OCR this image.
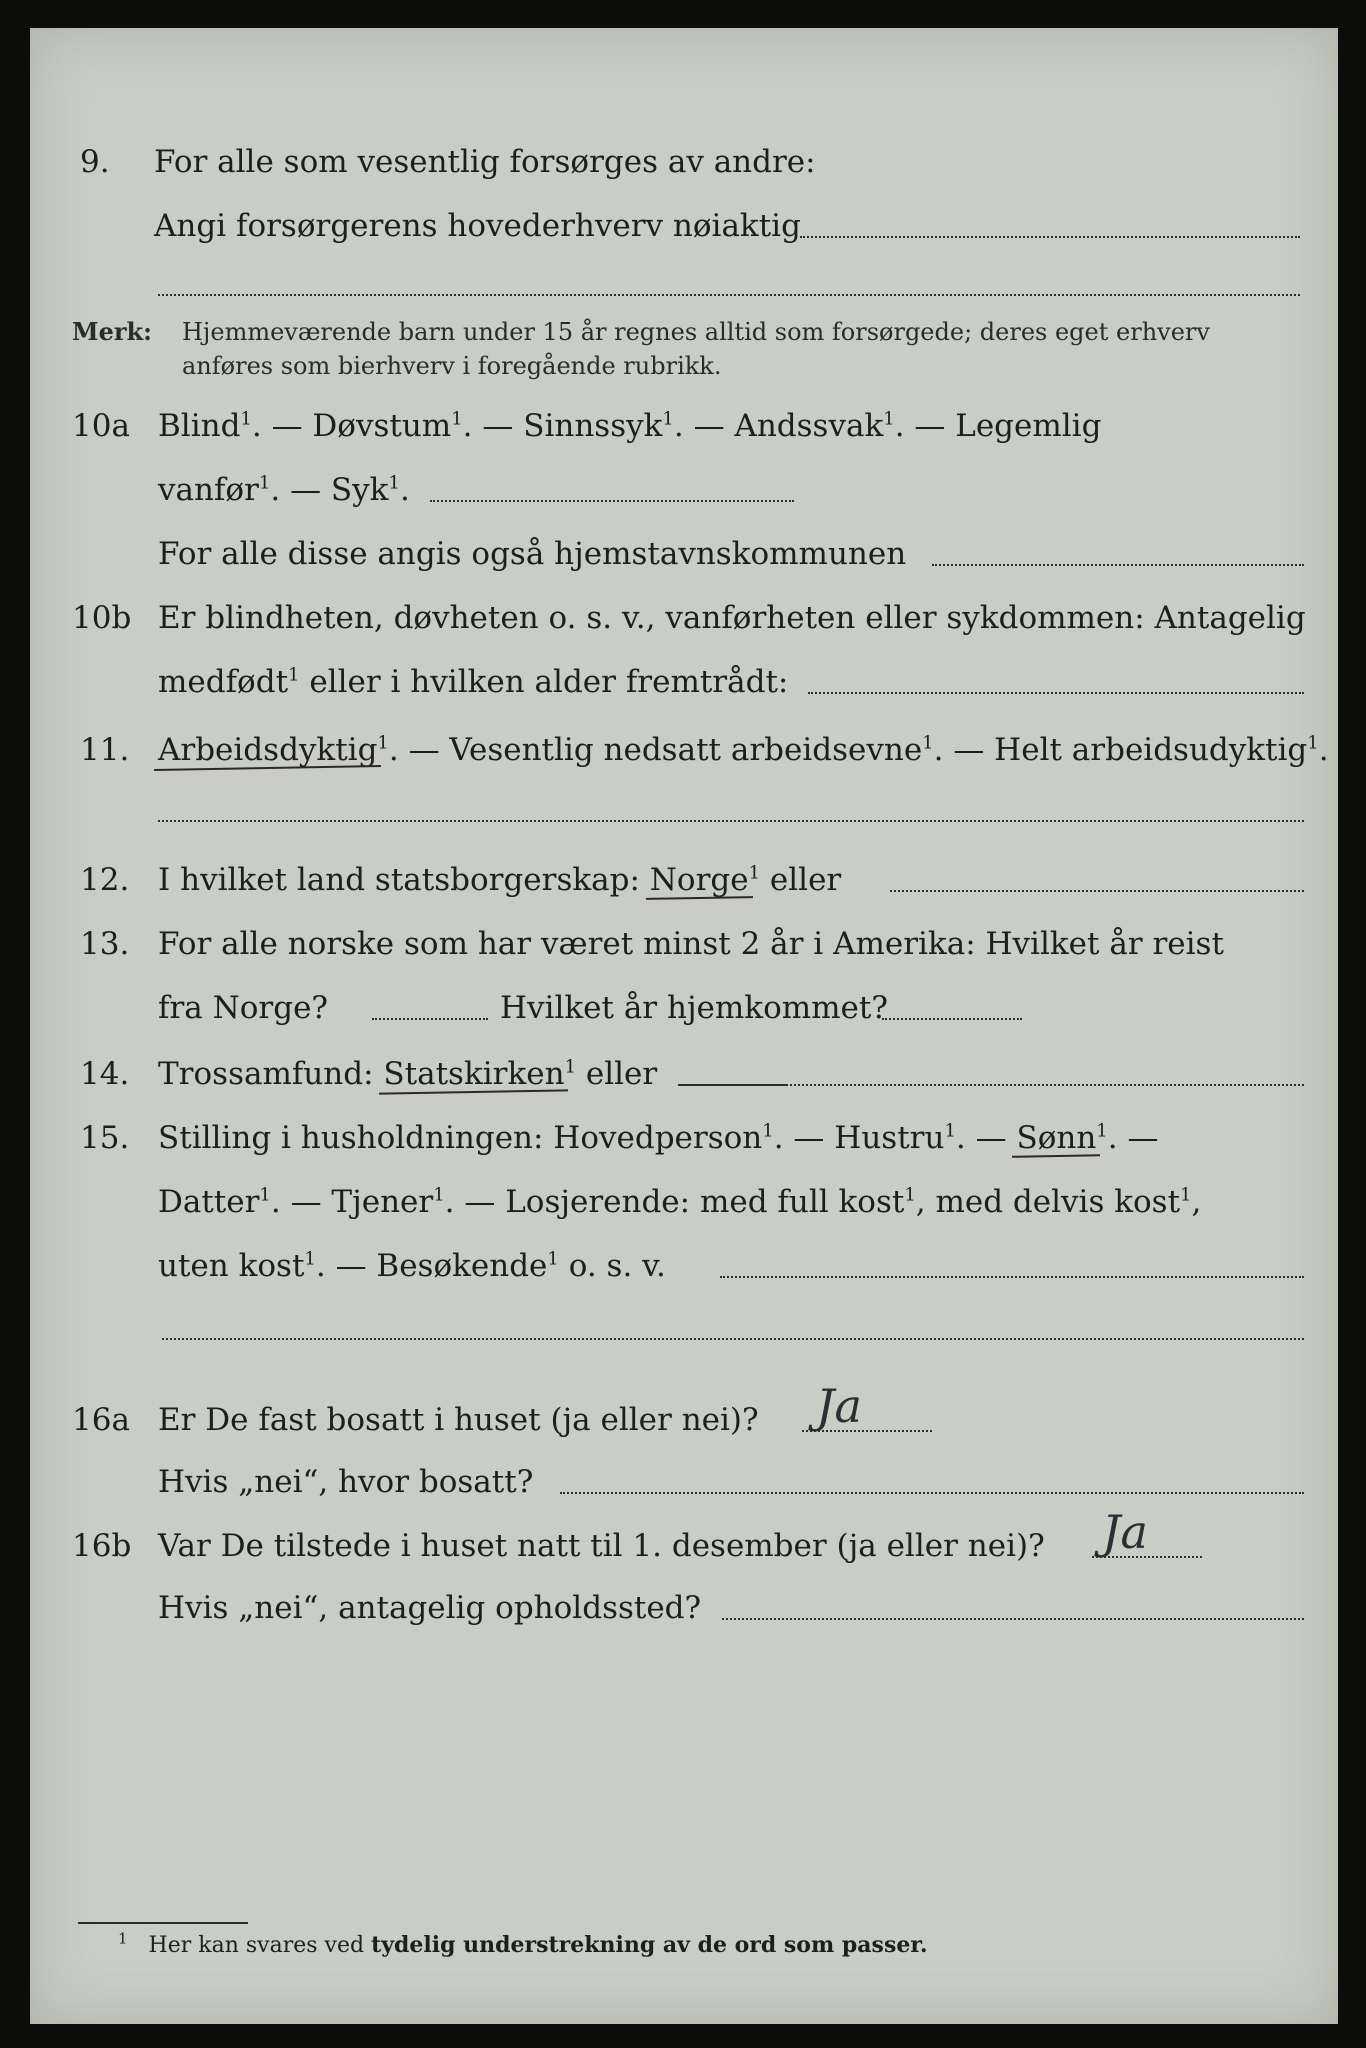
9. For alle som vesentlig forsørges av andre:
Angi forsørgerens hovederhverv nøiaktig
Merk: Hjemmeværende barn under 15 år regnes alltid som forsørgede; deres eget erhverv
anføres som bierhverv i foregående rubrikk.
10a Blind$^1$. — Døvstum$^1$. — Sinnssyk$^1$. — Andssvak$^1$. — Legemlig
vanfør$^1$. — Syk$^1$.
For alle disse angis også hjemstavnskommunen
10b Er blindheten, døvheten o. s. v., vanførheten eller sykdommen: Antagelig
medfødt$^1$ eller i hvilken alder fremtrådt:
11. Arbeidsdyktig$^1$. — Vesentlig nedsatt arbeidsevne$^1$. — Helt arbeidsudyktig$^1$.
12. I hvilket land statsborgerskap: Norge$^1$ eller
13. For alle norske som har været minst 2 år i Amerika: Hvilket år reist
fra Norge?	Hvilket år hjemkommet?
14. Trossamfund: Statskirken$^1$ eller
15. Stilling i husholdningen: Hovedperson$^1$. — Hustru$^1$. — Sønn$^1$. —
Datter$^1$. — Tjener$^1$. — Losjerende: med full kost$^1$, med delvis kost$^1$,
uten kost$^1$. — Besøkende$^1$ o. s. v.
16a Er De fast bosatt i huset (ja eller nei)? Ja
Hvis „nei“, hvor bosatt?
16b Var De tilstede i huset natt til 1. desember (ja eller nei)? Ja
Hvis „nei“, antagelig opholdssted?
$^1$ Her kan svares ved tydelig understrekning av de ord som passer.
